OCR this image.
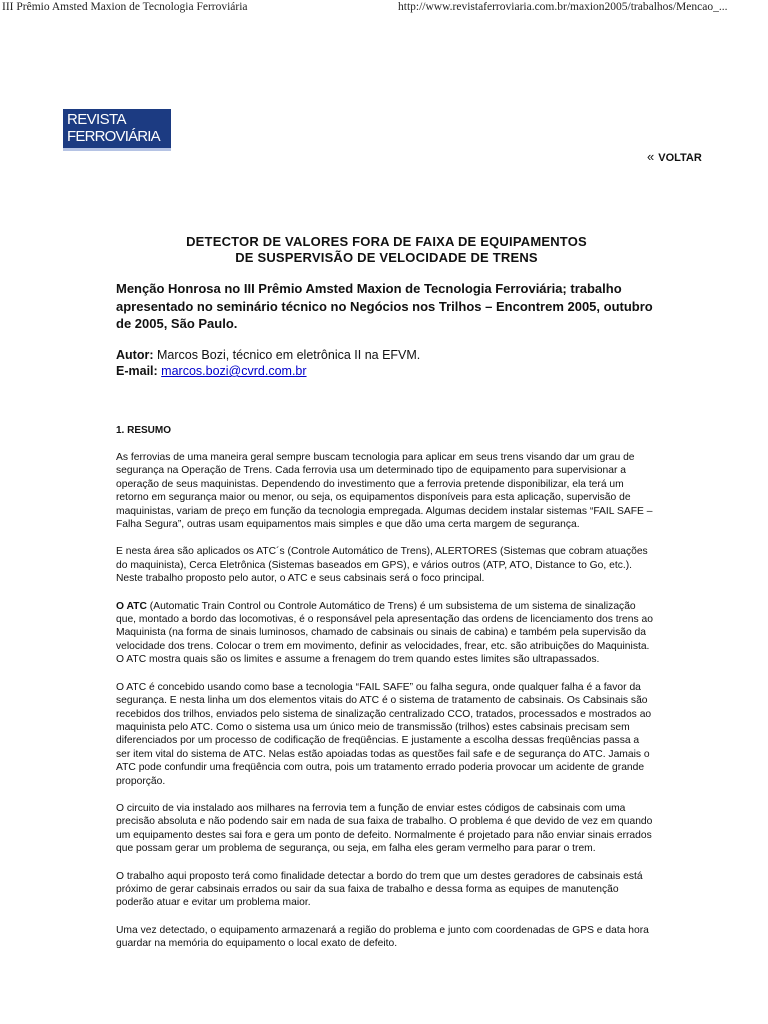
III Prêmio Amsted Maxion de Tecnologia Ferroviária	http://www.revistaferroviaria.com.br/maxion2005/trabalhos/Mencao_...
REVISTA
FERROVIÁRIA
« VOLTAR
DETECTOR DE VALORES FORA DE FAIXA DE EQUIPAMENTOS
DE SUSPERVISÃO DE VELOCIDADE DE TRENS
Menção Honrosa no III Prêmio Amsted Maxion de Tecnologia Ferroviária; trabalho apresentado no seminário técnico no Negócios nos Trilhos – Encontrem 2005, outubro de 2005, São Paulo.
Autor: Marcos Bozi, técnico em eletrônica II na EFVM.
E-mail: marcos.bozi@cvrd.com.br
1. RESUMO

As ferrovias de uma maneira geral sempre buscam tecnologia para aplicar em seus trens visando dar um grau de segurança na Operação de Trens. Cada ferrovia usa um determinado tipo de equipamento para supervisionar a operação de seus maquinistas. Dependendo do investimento que a ferrovia pretende disponibilizar, ela terá um retorno em segurança maior ou menor, ou seja, os equipamentos disponíveis para esta aplicação, supervisão de maquinistas, variam de preço em função da tecnologia empregada. Algumas decidem instalar sistemas “FAIL SAFE – Falha Segura”, outras usam equipamentos mais simples e que dão uma certa margem de segurança.

E nesta área são aplicados os ATC´s (Controle Automático de Trens), ALERTORES (Sistemas que cobram atuações do maquinista), Cerca Eletrônica (Sistemas baseados em GPS), e vários outros (ATP, ATO, Distance to Go, etc.). Neste trabalho proposto pelo autor, o ATC e seus cabsinais será o foco principal.

O ATC (Automatic Train Control ou Controle Automático de Trens) é um subsistema de um sistema de sinalização que, montado a bordo das locomotivas, é o responsável pela apresentação das ordens de licenciamento dos trens ao Maquinista (na forma de sinais luminosos, chamado de cabsinais ou sinais de cabina) e também pela supervisão da velocidade dos trens. Colocar o trem em movimento, definir as velocidades, frear, etc. são atribuições do Maquinista. O ATC mostra quais são os limites e assume a frenagem do trem quando estes limites são ultrapassados.

O ATC é concebido usando como base a tecnologia “FAIL SAFE” ou falha segura, onde qualquer falha é a favor da segurança. E nesta linha um dos elementos vitais do ATC é o sistema de tratamento de cabsinais. Os Cabsinais são recebidos dos trilhos, enviados pelo sistema de sinalização centralizado CCO, tratados, processados e mostrados ao maquinista pelo ATC. Como o sistema usa um único meio de transmissão (trilhos) estes cabsinais precisam sem diferenciados por um processo de codificação de freqüências. E justamente a escolha dessas freqüências passa a ser item vital do sistema de ATC. Nelas estão apoiadas todas as questões fail safe e de segurança do ATC. Jamais o ATC pode confundir uma freqüência com outra, pois um tratamento errado poderia provocar um acidente de grande proporção.

O circuito de via instalado aos milhares na ferrovia tem a função de enviar estes códigos de cabsinais com uma precisão absoluta e não podendo sair em nada de sua faixa de trabalho. O problema é que devido de vez em quando um equipamento destes sai fora e gera um ponto de defeito. Normalmente é projetado para não enviar sinais errados que possam gerar um problema de segurança, ou seja, em falha eles geram vermelho para parar o trem.

O trabalho aqui proposto terá como finalidade detectar a bordo do trem que um destes geradores de cabsinais está próximo de gerar cabsinais errados ou sair da sua faixa de trabalho e dessa forma as equipes de manutenção poderão atuar e evitar um problema maior.

Uma vez detectado, o equipamento armazenará a região do problema e junto com coordenadas de GPS e data hora guardar na memória do equipamento o local exato de defeito.
